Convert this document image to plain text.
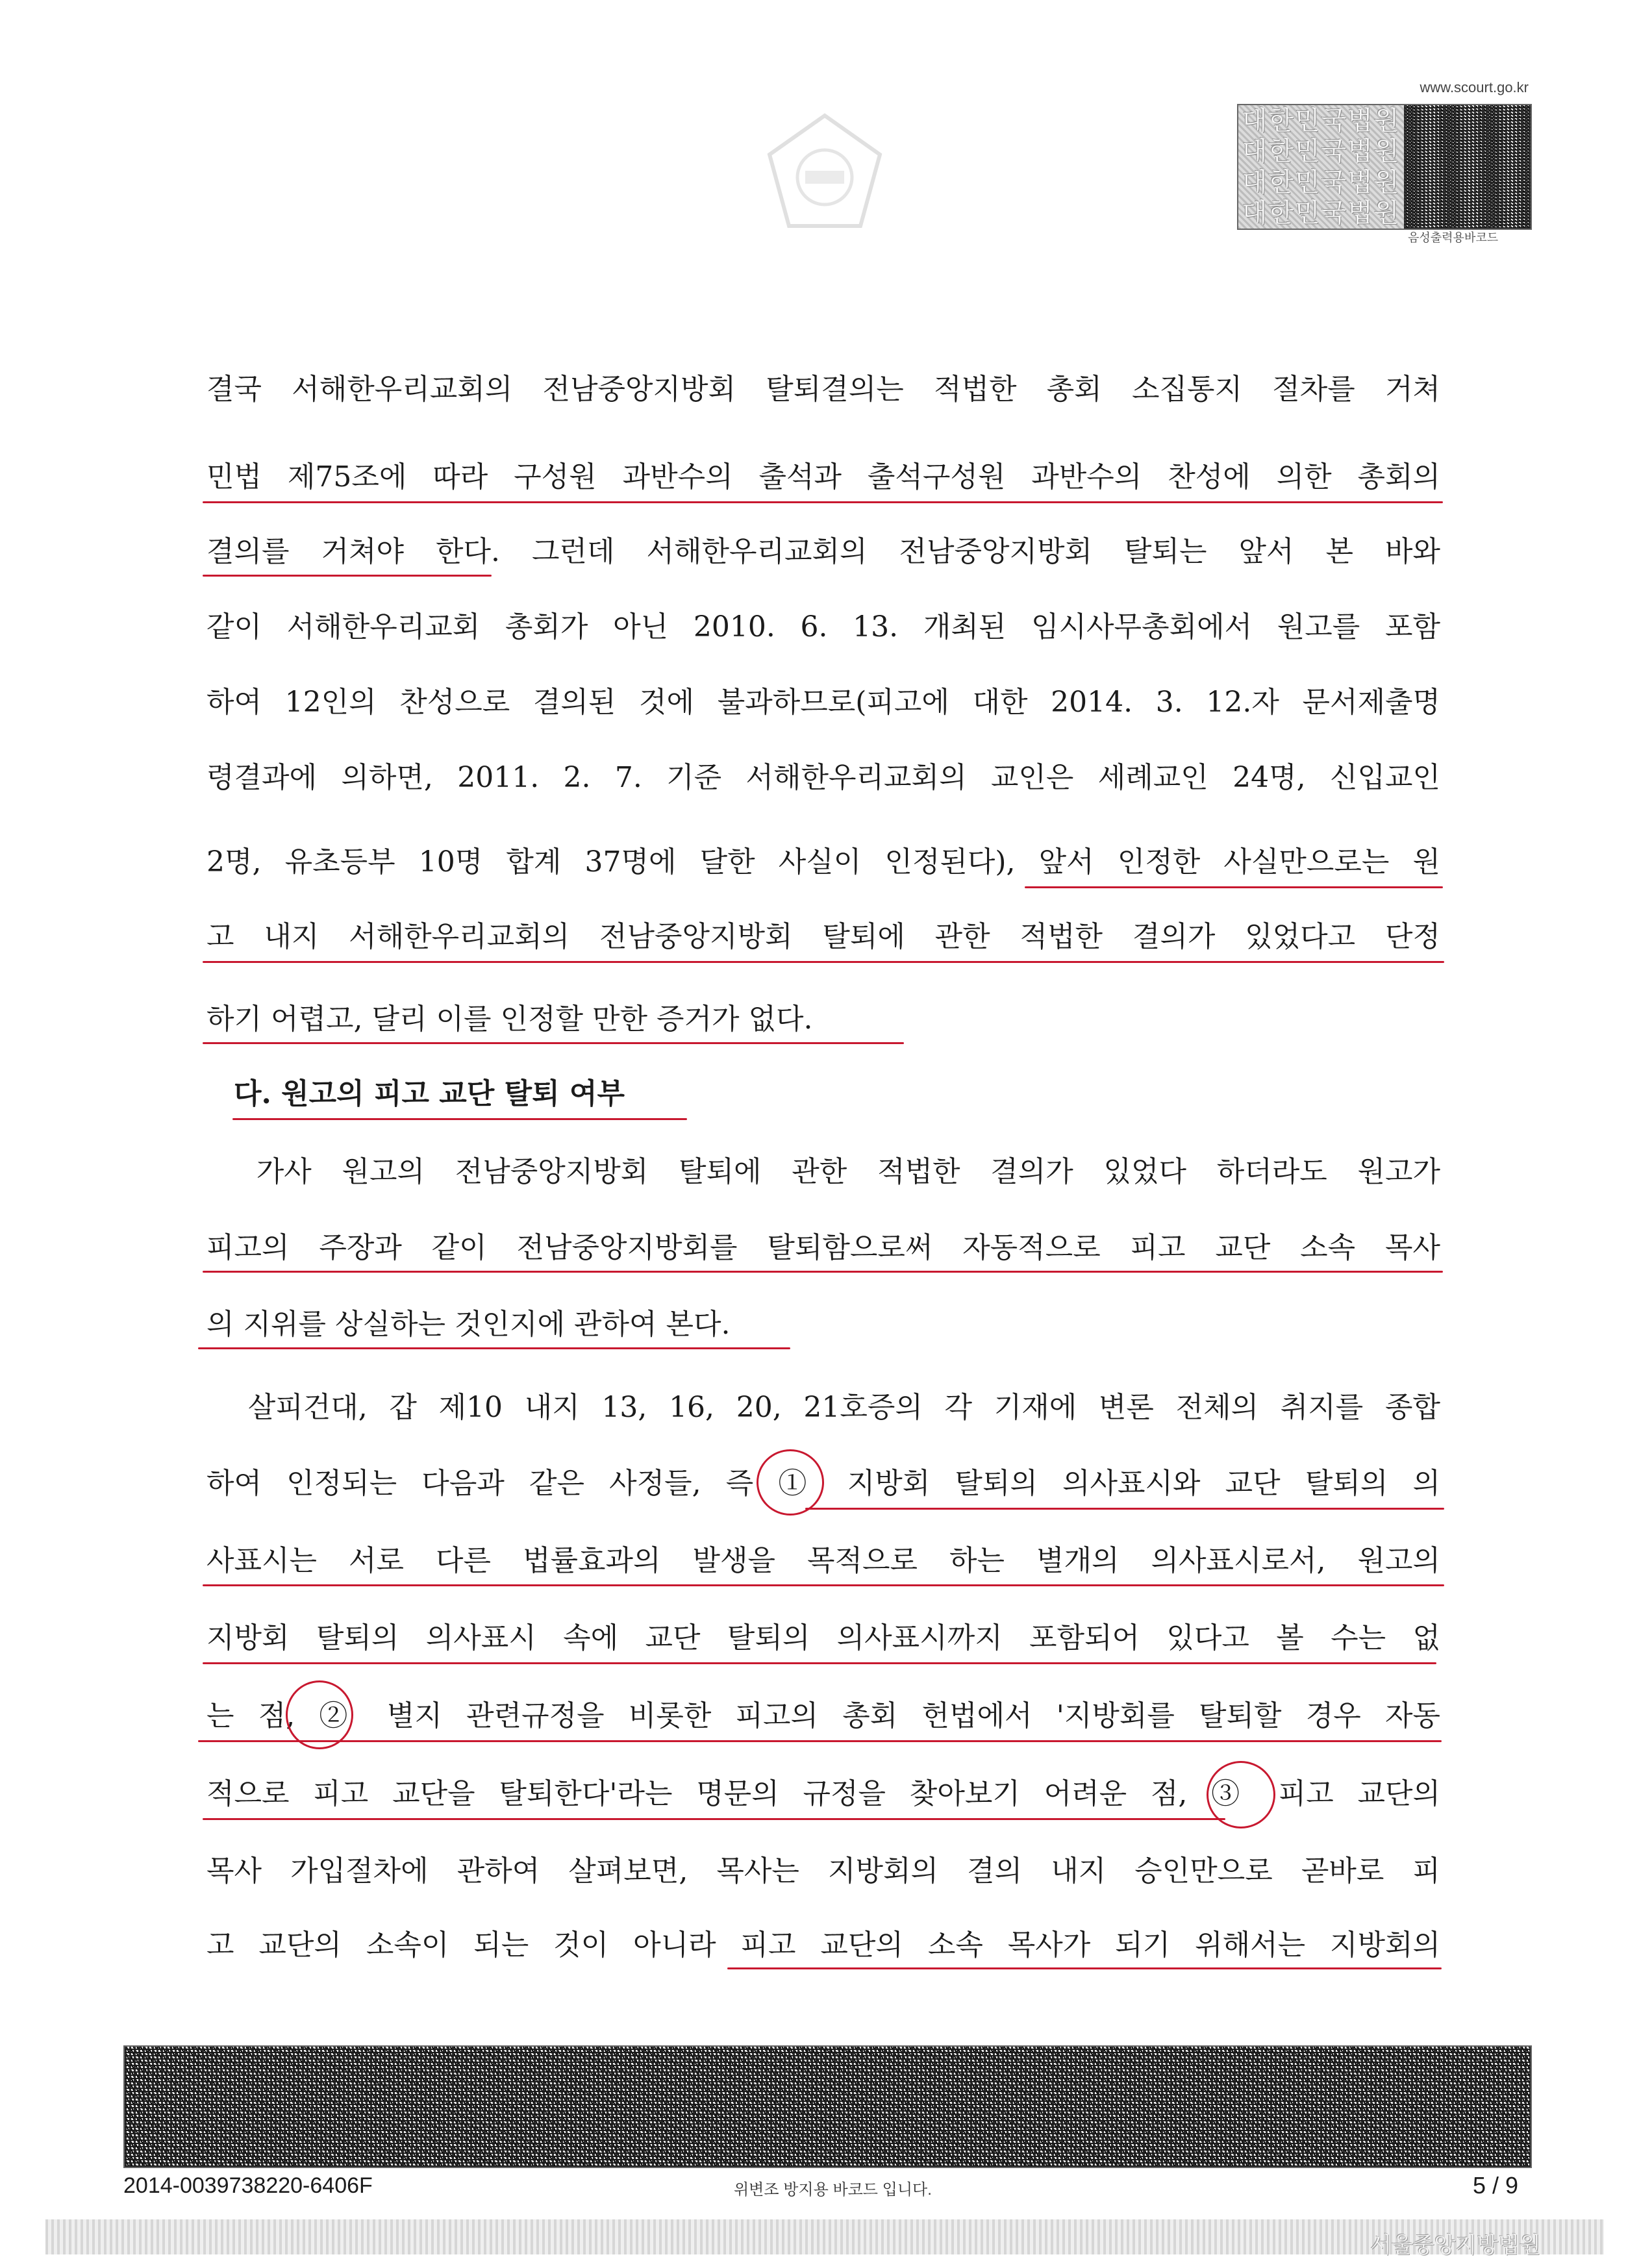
www.scourt.go.kr
대한민국법원
대한민국법원
대한민국법원
대한민국법원
음성출력용바코드
결국 서해한우리교회의 전남중앙지방회 탈퇴결의는 적법한 총회 소집통지 절차를 거쳐
민법 제75조에 따라 구성원 과반수의 출석과 출석구성원 과반수의 찬성에 의한 총회의
결의를 거쳐야 한다. 그런데 서해한우리교회의 전남중앙지방회 탈퇴는 앞서 본 바와
같이 서해한우리교회 총회가 아닌 2010. 6. 13. 개최된 임시사무총회에서 원고를 포함
하여 12인의 찬성으로 결의된 것에 불과하므로(피고에 대한 2014. 3. 12.자 문서제출명
령결과에 의하면, 2011. 2. 7. 기준 서해한우리교회의 교인은 세례교인 24명, 신입교인
2명, 유초등부 10명 합계 37명에 달한 사실이 인정된다), 앞서 인정한 사실만으로는 원
고 내지 서해한우리교회의 전남중앙지방회 탈퇴에 관한 적법한 결의가 있었다고 단정
하기 어렵고, 달리 이를 인정할 만한 증거가 없다.
다. 원고의 피고 교단 탈퇴 여부
　가사 원고의 전남중앙지방회 탈퇴에 관한 적법한 결의가 있었다 하더라도 원고가
피고의 주장과 같이 전남중앙지방회를 탈퇴함으로써 자동적으로 피고 교단 소속 목사
의 지위를 상실하는 것인지에 관하여 본다.
　살피건대, 갑 제10 내지 13, 16, 20, 21호증의 각 기재에 변론 전체의 취지를 종합
하여 인정되는 다음과 같은 사정들, 즉 ① 지방회 탈퇴의 의사표시와 교단 탈퇴의 의
사표시는 서로 다른 법률효과의 발생을 목적으로 하는 별개의 의사표시로서, 원고의
지방회 탈퇴의 의사표시 속에 교단 탈퇴의 의사표시까지 포함되어 있다고 볼 수는 없
는 점, ② 별지 관련규정을 비롯한 피고의 총회 헌법에서 '지방회를 탈퇴할 경우 자동
적으로 피고 교단을 탈퇴한다'라는 명문의 규정을 찾아보기 어려운 점, ③ 피고 교단의
목사 가입절차에 관하여 살펴보면, 목사는 지방회의 결의 내지 승인만으로 곧바로 피
고 교단의 소속이 되는 것이 아니라 피고 교단의 소속 목사가 되기 위해서는 지방회의
2014-0039738220-6406F	위변조 방지용 바코드 입니다.	5 / 9
서울중앙지방법원
